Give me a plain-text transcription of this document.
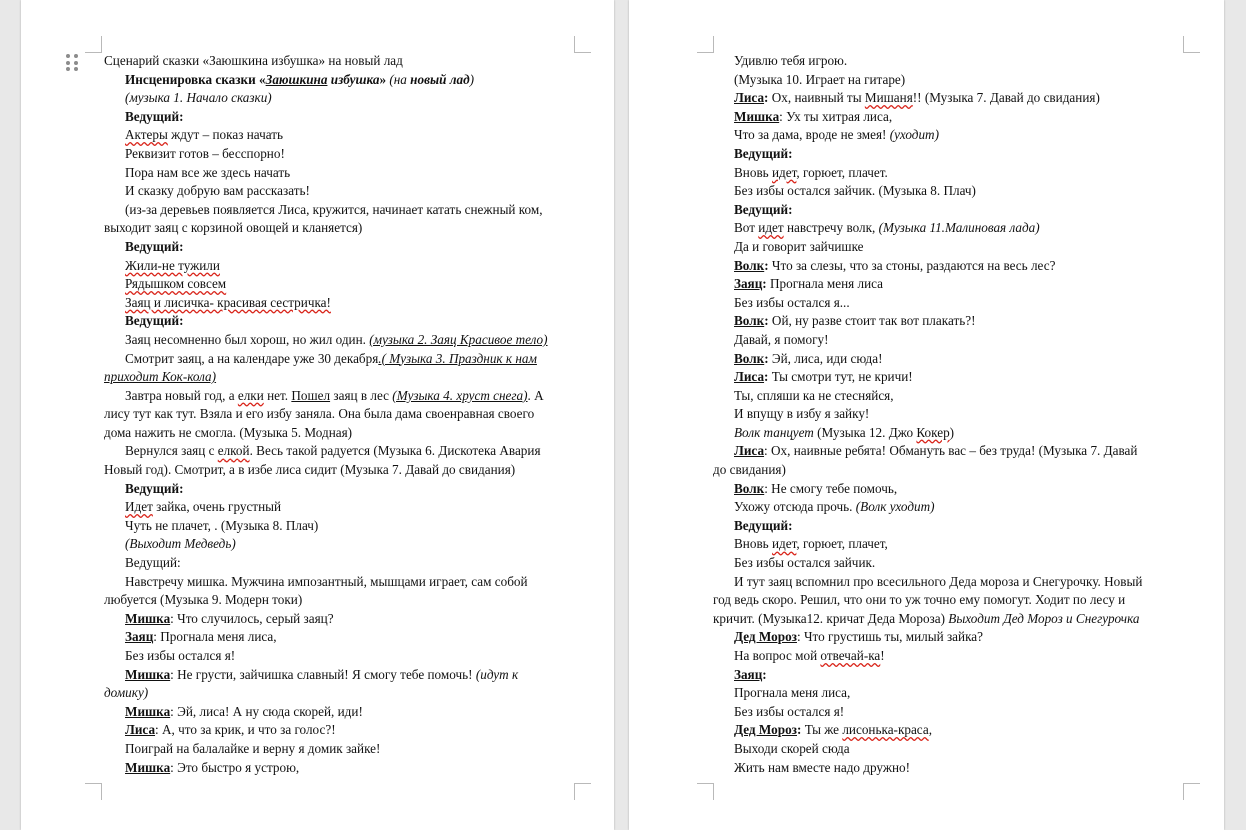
Сценарий сказки «Заюшкина избушка» на новый лад
Инсценировка сказки «Заюшкина избушка» (на новый лад)
(музыка 1. Начало сказки)
Ведущий:
Актеры ждут – показ начать
Реквизит готов – бесспорно!
Пора нам все же здесь начать
И сказку добрую вам рассказать!
(из-за деревьев появляется Лиса, кружится, начинает катать снежный ком,
выходит заяц с корзиной овощей и кланяется)
Ведущий:
Жили-не тужили
Рядышком совсем
Заяц и лисичка- красивая сестричка!
Ведущий:
Заяц несомненно был хорош, но жил один. (музыка 2. Заяц Красивое тело)
Смотрит заяц, а на календаре уже 30 декабря.( Музыка 3. Праздник к нам
приходит Кок-кола)
Завтра новый год, а елки нет. Пошел заяц в лес (Музыка 4. хруст снега). А
лису тут как тут. Взяла и его избу заняла. Она была дама своенравная своего
дома нажить не смогла. (Музыка 5. Модная)
Вернулся заяц с елкой. Весь такой радуется (Музыка 6. Дискотека Авария
Новый год). Смотрит, а в избе лиса сидит (Музыка 7. Давай до свидания)
Ведущий:
Идет зайка, очень грустный
Чуть не плачет, . (Музыка 8. Плач)
(Выходит Медведь)
Ведущий:
Навстречу мишка. Мужчина импозантный, мышцами играет, сам собой
любуется (Музыка 9. Модерн токи)
Мишка: Что случилось, серый заяц?
Заяц: Прогнала меня лиса,
Без избы остался я!
Мишка: Не грусти, зайчишка славный! Я смогу тебе помочь! (идут к
домику)
Мишка: Эй, лиса! А ну сюда скорей, иди!
Лиса: А, что за крик, и что за голос?!
Поиграй на балалайке и верну я домик зайке!
Мишка: Это быстро я устрою,
Удивлю тебя игрою.
(Музыка 10. Играет на гитаре)
Лиса: Ох, наивный ты Мишаня!! (Музыка 7. Давай до свидания)
Мишка: Ух ты хитрая лиса,
Что за дама, вроде не змея! (уходит)
Ведущий:
Вновь идет, горюет, плачет.
Без избы остался зайчик. (Музыка 8. Плач)
Ведущий:
Вот идет навстречу волк, (Музыка 11.Малиновая лада)
Да и говорит зайчишке
Волк: Что за слезы, что за стоны, раздаются на весь лес?
Заяц: Прогнала меня лиса
Без избы остался я...
Волк: Ой, ну разве стоит так вот плакать?!
Давай, я помогу!
Волк: Эй, лиса, иди сюда!
Лиса: Ты смотри тут, не кричи!
Ты, спляши ка не стесняйся,
И впущу в избу я зайку!
Волк танцует (Музыка 12. Джо Кокер)
Лиса: Ох, наивные ребята! Обмануть вас – без труда! (Музыка 7. Давай
до свидания)
Волк: Не смогу тебе помочь,
Ухожу отсюда прочь. (Волк уходит)
Ведущий:
Вновь идет, горюет, плачет,
Без избы остался зайчик.
И тут заяц вспомнил про всесильного Деда мороза и Снегурочку. Новый
год ведь скоро. Решил, что они то уж точно ему помогут. Ходит по лесу и
кричит. (Музыка12. кричат Деда Мороза) Выходит Дед Мороз и Снегурочка
Дед Мороз: Что грустишь ты, милый зайка?
На вопрос мой отвечай-ка!
Заяц:
Прогнала меня лиса,
Без избы остался я!
Дед Мороз: Ты же лисонька-краса,
Выходи скорей сюда
Жить нам вместе надо дружно!
